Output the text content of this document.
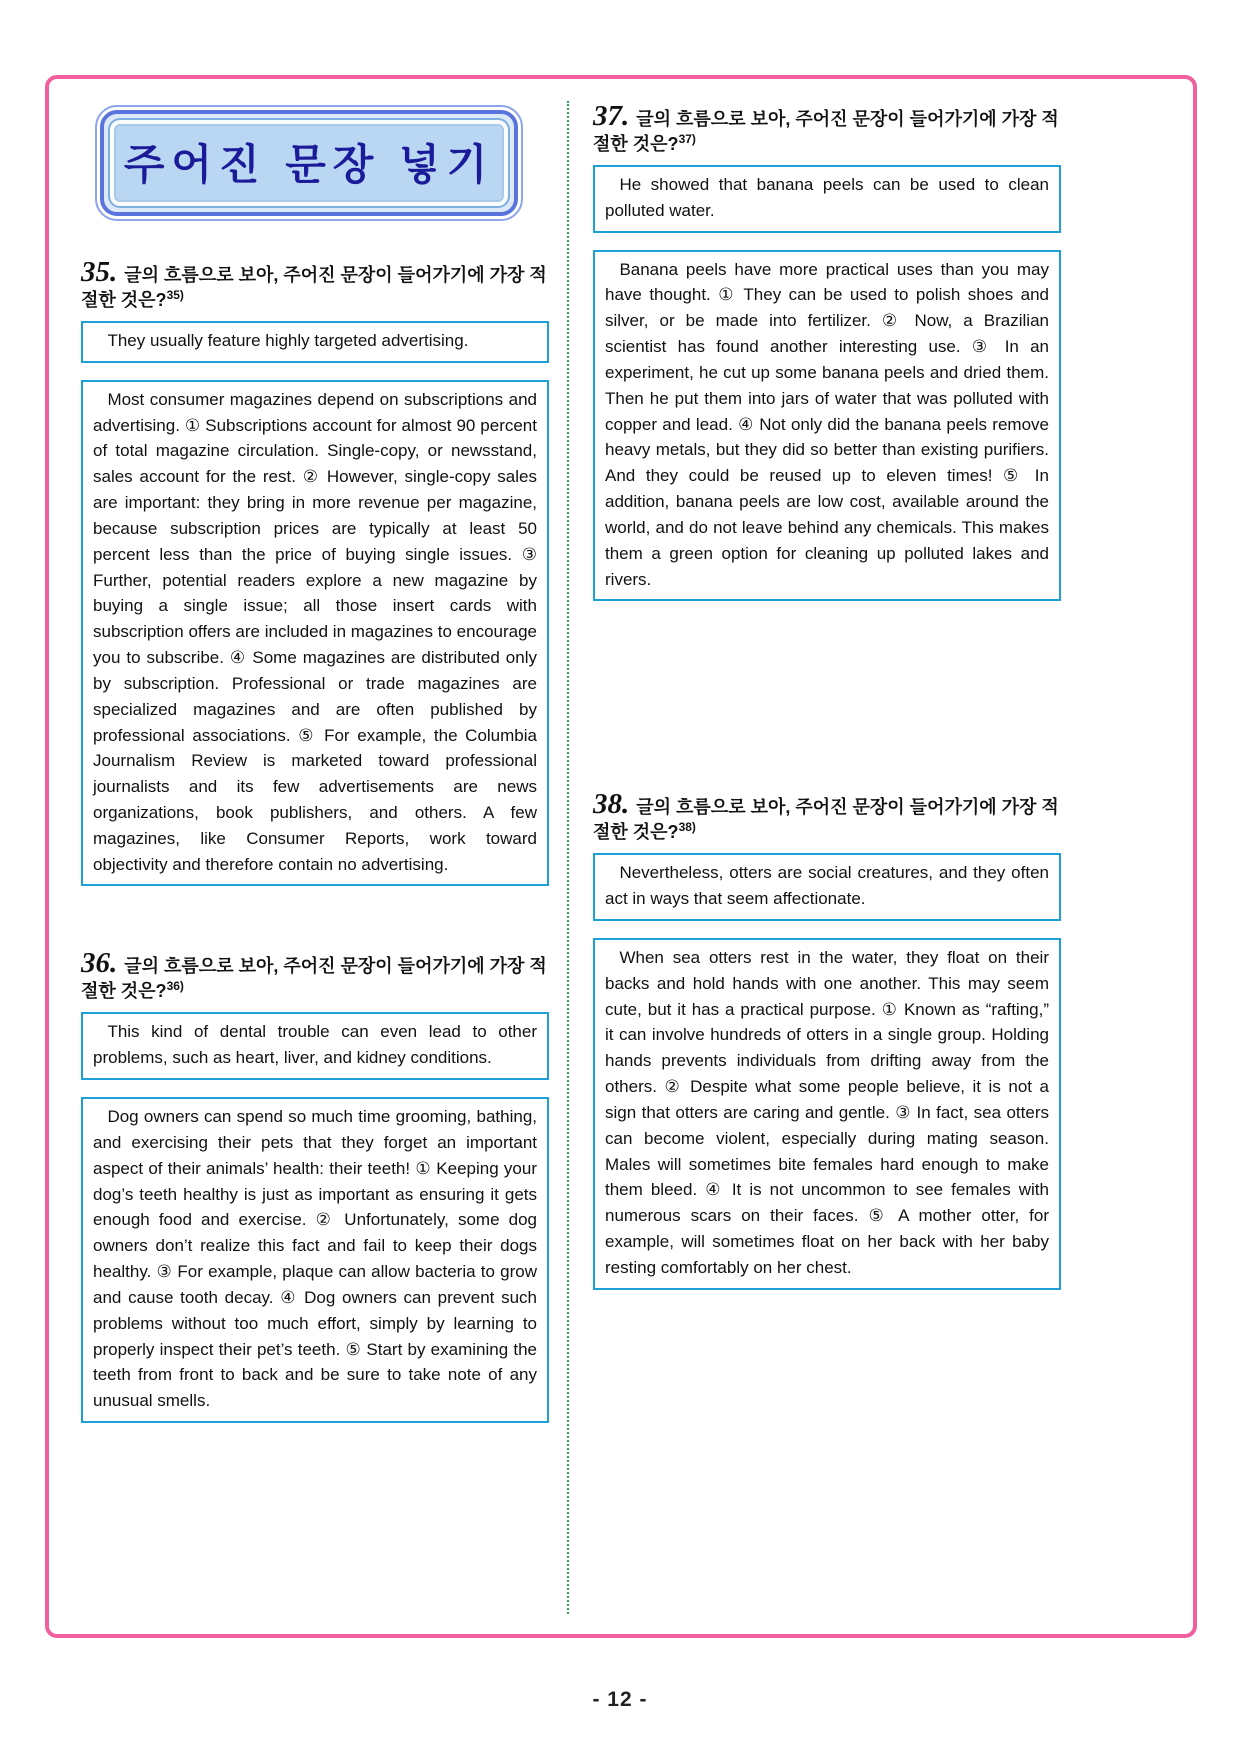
주어진 문장 넣기
35. 글의 흐름으로 보아, 주어진 문장이 들어가기에 가장 적절한 것은?$^{35)}$

They usually feature highly targeted advertising.

Most consumer magazines depend on subscriptions and advertising. ① Subscriptions account for almost 90 percent of total magazine circulation. Single-copy, or newsstand, sales account for the rest. ② However, single-copy sales are important: they bring in more revenue per magazine, because subscription prices are typically at least 50 percent less than the price of buying single issues. ③ Further, potential readers explore a new magazine by buying a single issue; all those insert cards with subscription offers are included in magazines to encourage you to subscribe. ④ Some magazines are distributed only by subscription. Professional or trade magazines are specialized magazines and are often published by professional associations. ⑤ For example, the Columbia Journalism Review is marketed toward professional journalists and its few advertisements are news organizations, book publishers, and others. A few magazines, like Consumer Reports, work toward objectivity and therefore contain no advertising.

36. 글의 흐름으로 보아, 주어진 문장이 들어가기에 가장 적절한 것은?$^{36)}$

This kind of dental trouble can even lead to other problems, such as heart, liver, and kidney conditions.

Dog owners can spend so much time grooming, bathing, and exercising their pets that they forget an important aspect of their animals’ health: their teeth! ① Keeping your dog’s teeth healthy is just as important as ensuring it gets enough food and exercise. ② Unfortunately, some dog owners don’t realize this fact and fail to keep their dogs healthy. ③ For example, plaque can allow bacteria to grow and cause tooth decay. ④ Dog owners can prevent such problems without too much effort, simply by learning to properly inspect their pet’s teeth. ⑤ Start by examining the teeth from front to back and be sure to take note of any unusual smells.

37. 글의 흐름으로 보아, 주어진 문장이 들어가기에 가장 적절한 것은?$^{37)}$

He showed that banana peels can be used to clean polluted water.

Banana peels have more practical uses than you may have thought. ① They can be used to polish shoes and silver, or be made into fertilizer. ② Now, a Brazilian scientist has found another interesting use. ③ In an experiment, he cut up some banana peels and dried them. Then he put them into jars of water that was polluted with copper and lead. ④ Not only did the banana peels remove heavy metals, but they did so better than existing purifiers. And they could be reused up to eleven times! ⑤ In addition, banana peels are low cost, available around the world, and do not leave behind any chemicals. This makes them a green option for cleaning up polluted lakes and rivers.

38. 글의 흐름으로 보아, 주어진 문장이 들어가기에 가장 적절한 것은?$^{38)}$

Nevertheless, otters are social creatures, and they often act in ways that seem affectionate.

When sea otters rest in the water, they float on their backs and hold hands with one another. This may seem cute, but it has a practical purpose. ① Known as “rafting,” it can involve hundreds of otters in a single group. Holding hands prevents individuals from drifting away from the others. ② Despite what some people believe, it is not a sign that otters are caring and gentle. ③ In fact, sea otters can become violent, especially during mating season. Males will sometimes bite females hard enough to make them bleed. ④ It is not uncommon to see females with numerous scars on their faces. ⑤ A mother otter, for example, will sometimes float on her back with her baby resting comfortably on her chest.

- 12 -
